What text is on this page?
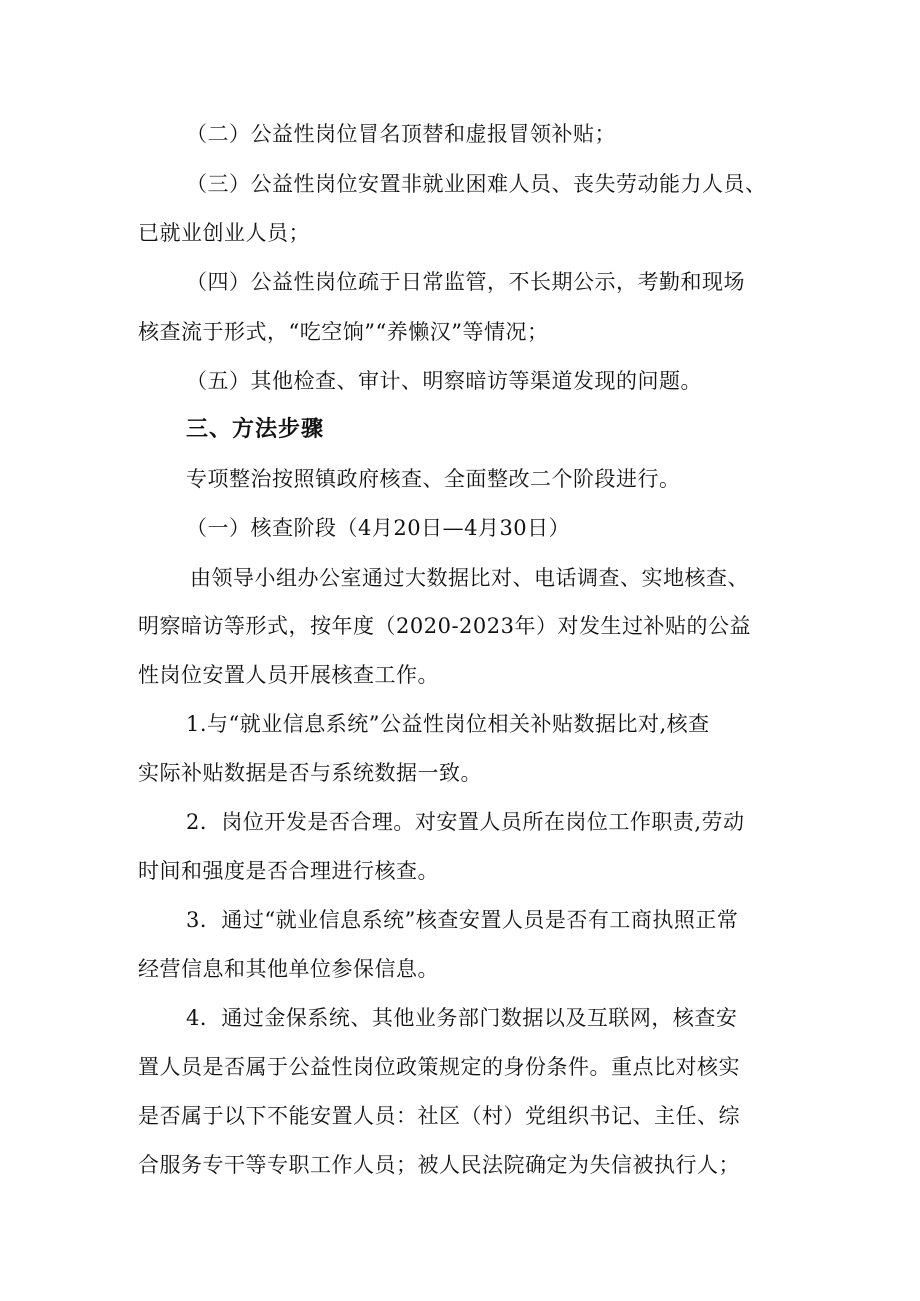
（二）公益性岗位冒名顶替和虚报冒领补贴；
（三）公益性岗位安置非就业困难人员、丧失劳动能力人员、
已就业创业人员；
（四）公益性岗位疏于日常监管，不长期公示，考勤和现场
核查流于形式，“吃空饷”“养懒汉”等情况；
（五）其他检查、审计、明察暗访等渠道发现的问题。
三、方法步骤
专项整治按照镇政府核查、全面整改二个阶段进行。
（一）核查阶段（4月20日—4月30日）
由领导小组办公室通过大数据比对、电话调查、实地核查、
明察暗访等形式，按年度（2020-2023年）对发生过补贴的公益
性岗位安置人员开展核查工作。
1.与“就业信息系统”公益性岗位相关补贴数据比对,核查
实际补贴数据是否与系统数据一致。
2．岗位开发是否合理。对安置人员所在岗位工作职责,劳动
时间和强度是否合理进行核查。
3．通过“就业信息系统”核查安置人员是否有工商执照正常
经营信息和其他单位参保信息。
4．通过金保系统、其他业务部门数据以及互联网，核查安
置人员是否属于公益性岗位政策规定的身份条件。重点比对核实
是否属于以下不能安置人员：社区（村）党组织书记、主任、综
合服务专干等专职工作人员；被人民法院确定为失信被执行人；
